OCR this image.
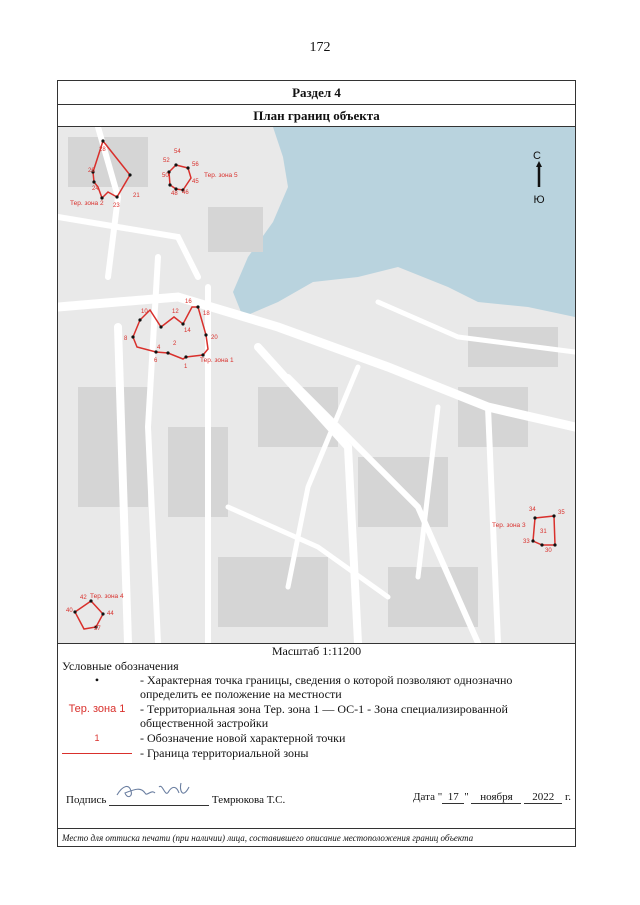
172
Раздел 4
План границ объекта
1
2
4
6
8
10	12
14
16
18
20
21
23
24
26
28
30
31
33
34	35
37
40
42
44
45
46
48
50
52
54
56
Тер. зона 1
Тер. зона 2
Тер. зона 3
Тер. зона 4
Тер. зона 5
С
Ю
Масштаб 1:11200
Условные обозначения
•	- Характерная точка границы, сведения о которой позволяют однозначно определить ее положение на местности
Тер. зона 1	- Территориальная зона Тер. зона 1 — ОС-1 - Зона специализированной общественной застройки
1	- Обозначение новой характерной точки
- Граница территориальной зоны
Подпись	Темрюкова Т.С.	Дата " 17 " ноября 2022 г.
Место для оттиска печати (при наличии) лица, составившего описание местоположения границ объекта
